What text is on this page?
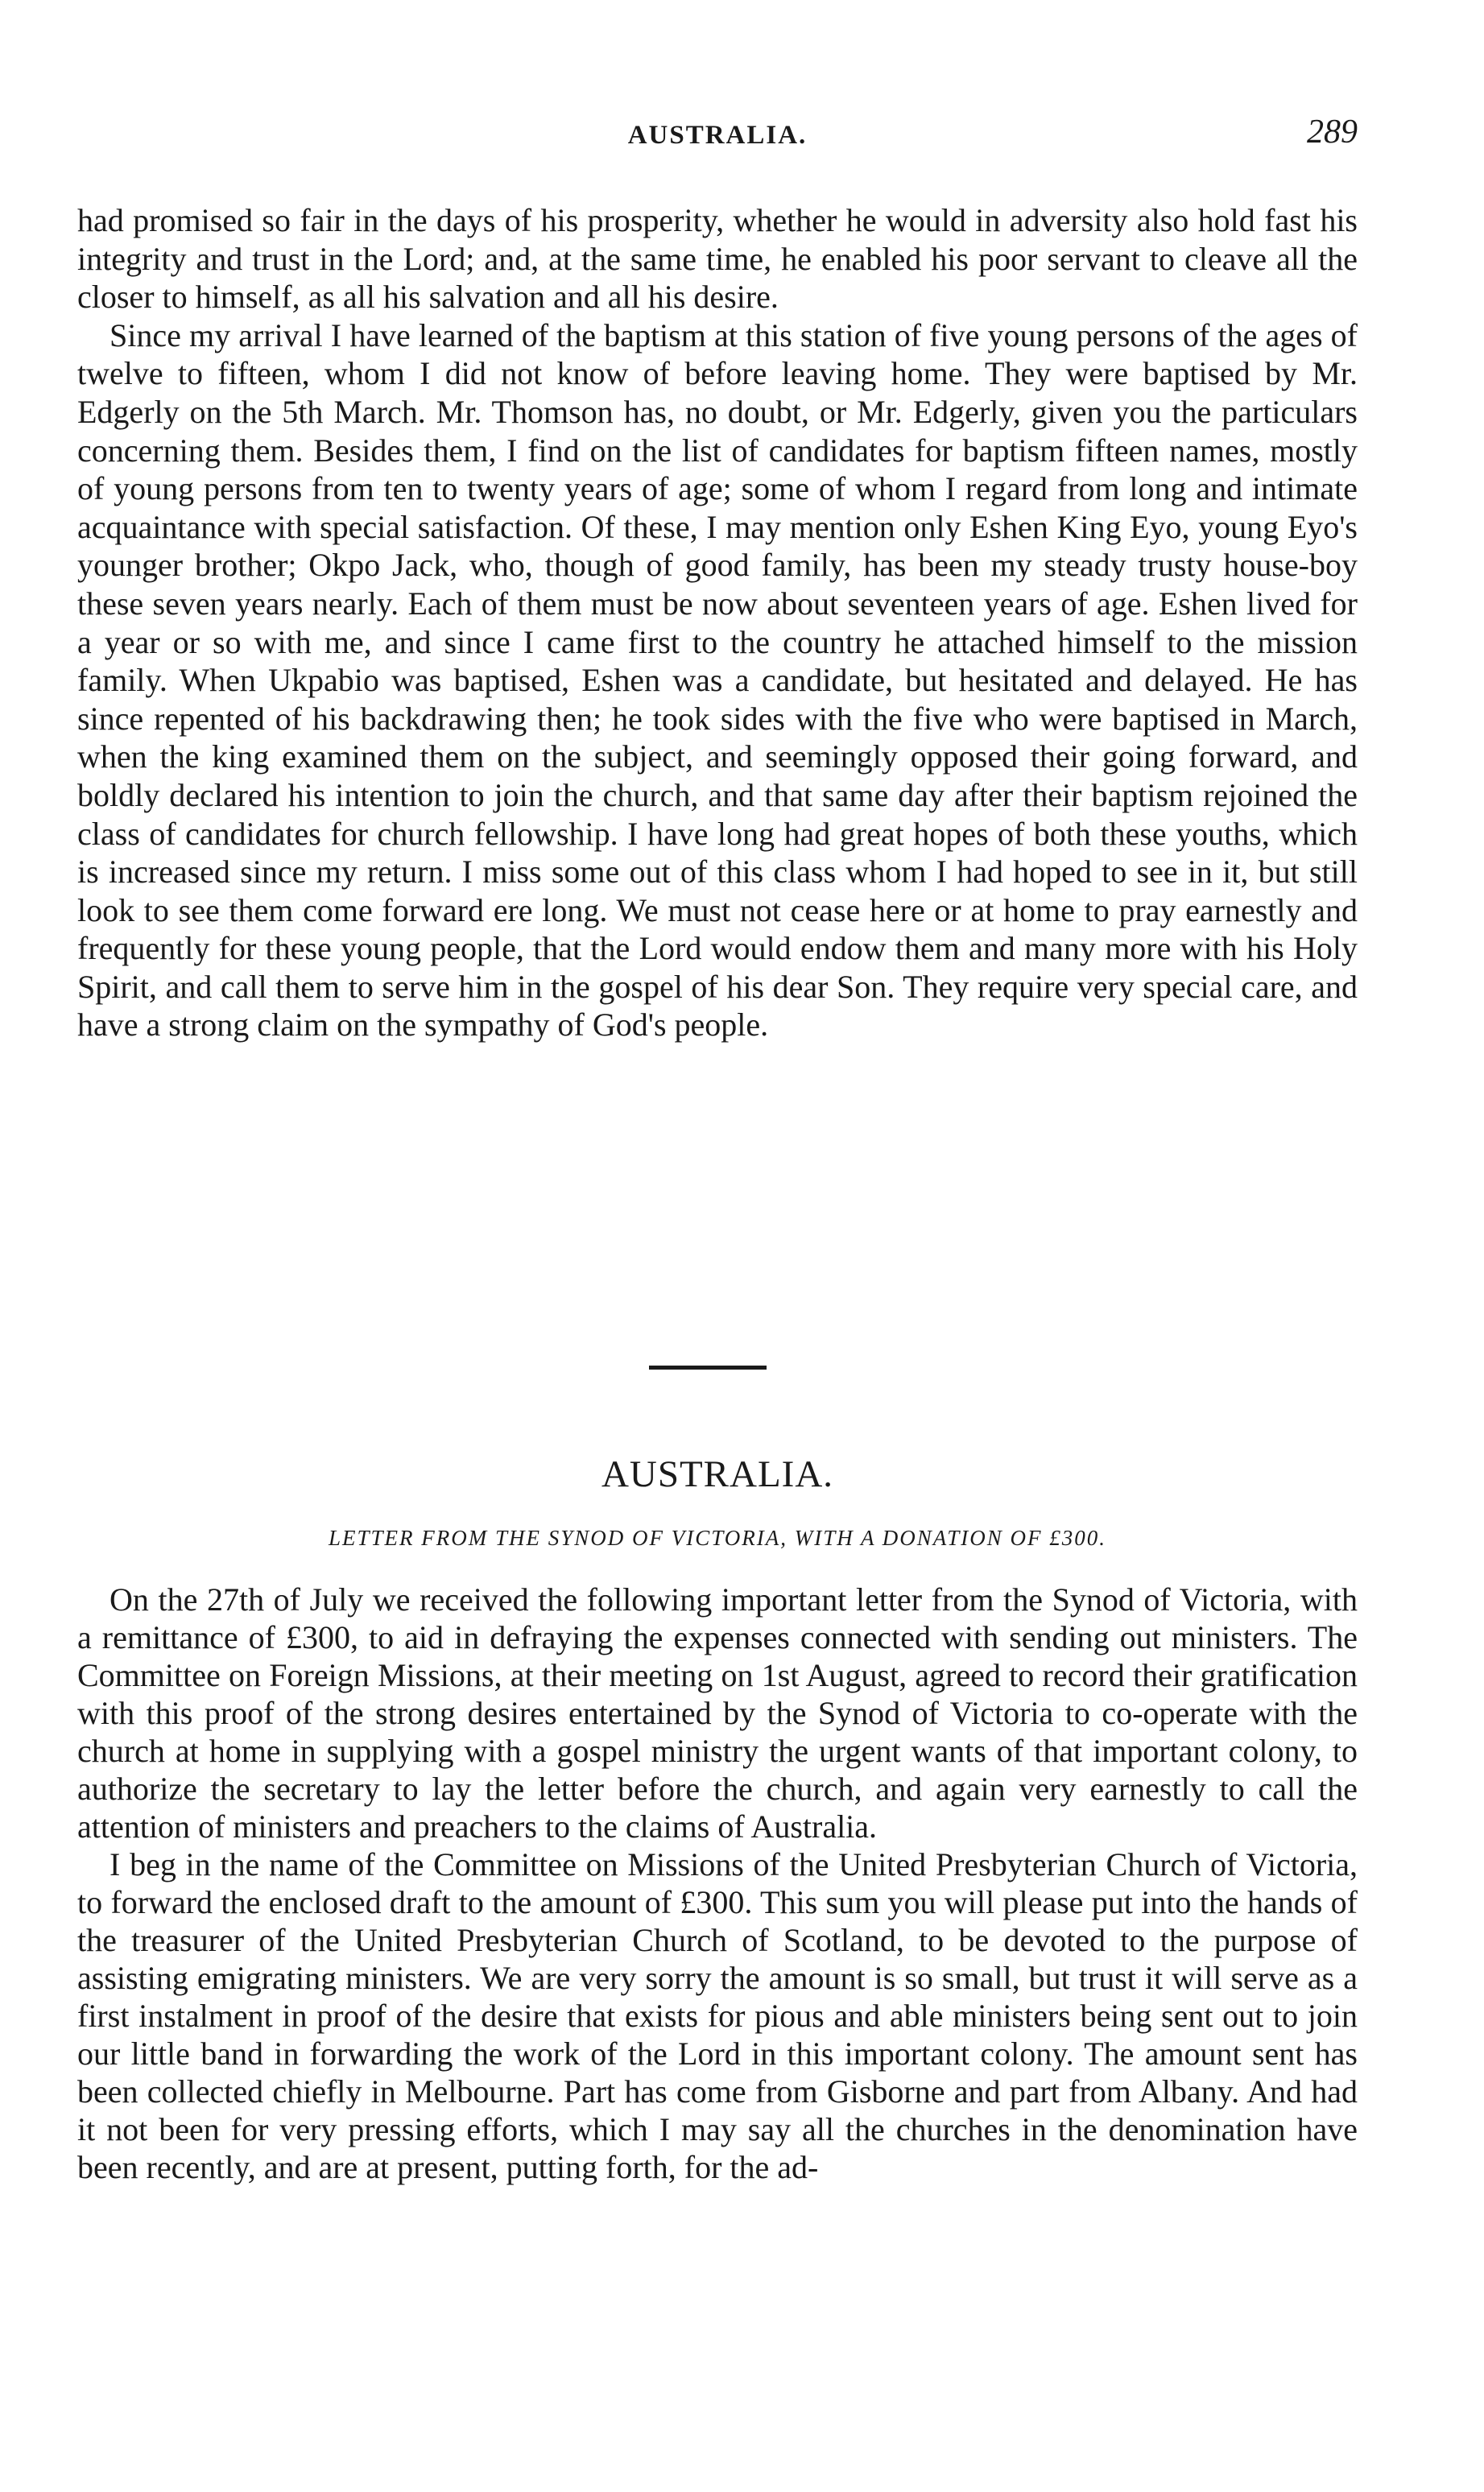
AUSTRALIA.	289

had promised so fair in the days of his prosperity, whether he would in adversity also hold fast his integrity and trust in the Lord; and, at the same time, he enabled his poor servant to cleave all the closer to himself, as all his salvation and all his desire.

Since my arrival I have learned of the baptism at this station of five young persons of the ages of twelve to fifteen, whom I did not know of before leaving home. They were baptised by Mr. Edgerly on the 5th March. Mr. Thomson has, no doubt, or Mr. Edgerly, given you the particulars concerning them. Besides them, I find on the list of candidates for baptism fifteen names, mostly of young persons from ten to twenty years of age; some of whom I regard from long and intimate acquaintance with special satisfaction. Of these, I may mention only Eshen King Eyo, young Eyo's younger brother; Okpo Jack, who, though of good family, has been my steady trusty house-boy these seven years nearly. Each of them must be now about seventeen years of age. Eshen lived for a year or so with me, and since I came first to the country he attached himself to the mission family. When Ukpabio was baptised, Eshen was a candidate, but hesitated and delayed. He has since repented of his backdrawing then; he took sides with the five who were baptised in March, when the king examined them on the subject, and seemingly opposed their going forward, and boldly declared his intention to join the church, and that same day after their baptism rejoined the class of candidates for church fellowship. I have long had great hopes of both these youths, which is increased since my return. I miss some out of this class whom I had hoped to see in it, but still look to see them come forward ere long. We must not cease here or at home to pray earnestly and frequently for these young people, that the Lord would endow them and many more with his Holy Spirit, and call them to serve him in the gospel of his dear Son. They require very special care, and have a strong claim on the sympathy of God's people.

AUSTRALIA.
LETTER FROM THE SYNOD OF VICTORIA, WITH A DONATION OF £300.

On the 27th of July we received the following important letter from the Synod of Victoria, with a remittance of £300, to aid in defraying the expenses connected with sending out ministers. The Committee on Foreign Missions, at their meeting on 1st August, agreed to record their gratification with this proof of the strong desires entertained by the Synod of Victoria to co-operate with the church at home in supplying with a gospel ministry the urgent wants of that important colony, to authorize the secretary to lay the letter before the church, and again very earnestly to call the attention of ministers and preachers to the claims of Australia.

I beg in the name of the Committee on Missions of the United Presbyterian Church of Victoria, to forward the enclosed draft to the amount of £300. This sum you will please put into the hands of the treasurer of the United Presbyterian Church of Scotland, to be devoted to the purpose of assisting emigrating ministers. We are very sorry the amount is so small, but trust it will serve as a first instalment in proof of the desire that exists for pious and able ministers being sent out to join our little band in forwarding the work of the Lord in this important colony. The amount sent has been collected chiefly in Melbourne. Part has come from Gisborne and part from Albany. And had it not been for very pressing efforts, which I may say all the churches in the denomination have been recently, and are at present, putting forth, for the ad-
